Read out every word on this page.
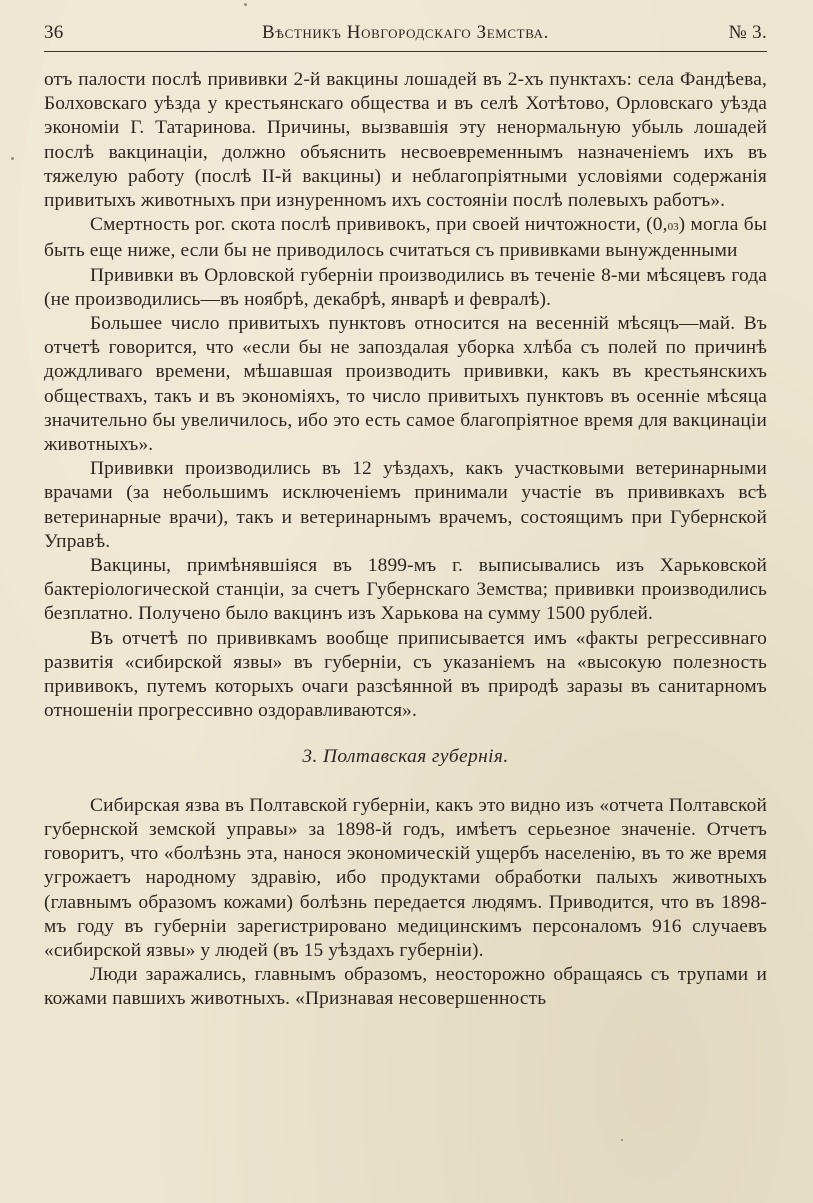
36	Вѣстникъ Новгородскаго Земства.	№ 3.

отъ палости послѣ прививки 2-й вакцины лошадей въ 2-хъ пунктахъ: села Фандѣева, Болховскаго уѣзда у крестьянскаго общества и въ селѣ Хотѣтово, Орловскаго уѣзда экономіи Г. Татаринова. Причины, вызвавшія эту ненормальную убыль лошадей послѣ вакцинаціи, должно объяснить несвоевременнымъ назначеніемъ ихъ въ тяжелую работу (послѣ II-й вакцины) и неблагопріятными условіями содержанія привитыхъ животныхъ при изнуренномъ ихъ состояніи послѣ полевыхъ работъ».

Смертность рог. скота послѣ прививокъ, при своей ничтожности, (0,03) могла бы быть еще ниже, если бы не приводилось считаться съ прививками вынужденными

Прививки въ Орловской губерніи производились въ теченіе 8-ми мѣсяцевъ года (не производились—въ ноябрѣ, декабрѣ, январѣ и февралѣ).

Большее число привитыхъ пунктовъ относится на весенній мѣсяцъ—май. Въ отчетѣ говорится, что «если бы не запоздалая уборка хлѣба съ полей по причинѣ дождливаго времени, мѣшавшая производить прививки, какъ въ крестьянскихъ обществахъ, такъ и въ экономіяхъ, то число привитыхъ пунктовъ въ осенніе мѣсяца значительно бы увеличилось, ибо это есть самое благопріятное время для вакцинаціи животныхъ».

Прививки производились въ 12 уѣздахъ, какъ участковыми ветеринарными врачами (за небольшимъ исключеніемъ принимали участіе въ прививкахъ всѣ ветеринарные врачи), такъ и ветеринарнымъ врачемъ, состоящимъ при Губернской Управѣ.

Вакцины, примѣнявшіяся въ 1899-мъ г. выписывались изъ Харьковской бактеріологической станціи, за счетъ Губернскаго Земства; прививки производились безплатно. Получено было вакцинъ изъ Харькова на сумму 1500 рублей.

Въ отчетѣ по прививкамъ вообще приписывается имъ «факты регрессивнаго развитія «сибирской язвы» въ губерніи, съ указаніемъ на «высокую полезность прививокъ, путемъ которыхъ очаги разсѣянной въ природѣ заразы въ санитарномъ отношеніи прогрессивно оздоравливаются».

3. Полтавская губернія.

Сибирская язва въ Полтавской губерніи, какъ это видно изъ «отчета Полтавской губернской земской управы» за 1898-й годъ, имѣетъ серьезное значеніе. Отчетъ говоритъ, что «болѣзнь эта, нанося экономическій ущербъ населенію, въ то же время угрожаетъ народному здравію, ибо продуктами обработки палыхъ животныхъ (главнымъ образомъ кожами) болѣзнь передается людямъ. Приводится, что въ 1898-мъ году въ губерніи зарегистрировано медицинскимъ персоналомъ 916 случаевъ «сибирской язвы» у людей (въ 15 уѣздахъ губерніи).

Люди заражались, главнымъ образомъ, неосторожно обращаясь съ трупами и кожами павшихъ животныхъ. «Признавая несовершенность
